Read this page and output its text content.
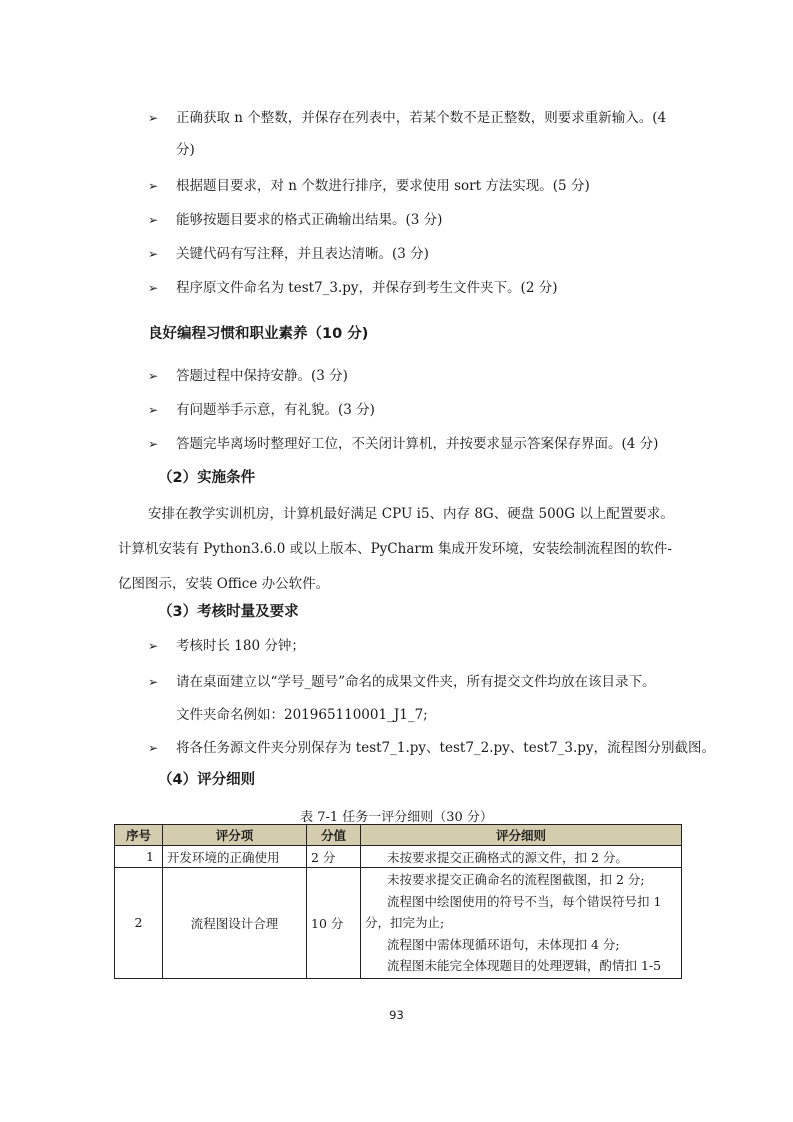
➢ 正确获取 n 个整数，并保存在列表中，若某个数不是正整数，则要求重新输入。(4
分)
➢ 根据题目要求，对 n 个数进行排序，要求使用 sort 方法实现。(5 分)
➢ 能够按题目要求的格式正确输出结果。(3 分)
➢ 关键代码有写注释，并且表达清晰。(3 分)
➢ 程序原文件命名为 test7_3.py，并保存到考生文件夹下。(2 分)
良好编程习惯和职业素养（10 分)
➢ 答题过程中保持安静。(3 分)
➢ 有问题举手示意，有礼貌。(3 分)
➢ 答题完毕离场时整理好工位，不关闭计算机，并按要求显示答案保存界面。(4 分)
（2）实施条件
安排在教学实训机房，计算机最好满足 CPU i5、内存 8G、硬盘 500G 以上配置要求。
计算机安装有 Python3.6.0 或以上版本、PyCharm 集成开发环境，安装绘制流程图的软件-
亿图图示，安装 Office 办公软件。
（3）考核时量及要求
➢ 考核时长 180 分钟；
➢ 请在桌面建立以“学号_题号”命名的成果文件夹，所有提交文件均放在该目录下。
文件夹命名例如：201965110001_J1_7;
➢ 将各任务源文件夹分别保存为 test7_1.py、test7_2.py、test7_3.py，流程图分别截图。
（4）评分细则
表 7-1 任务一评分细则（30 分）
序号	评分项	分值	评分细则
1	开发环境的正确使用	2 分	未按要求提交正确格式的源文件，扣 2 分。
2	流程图设计合理	10 分	未按要求提交正确命名的流程图截图，扣 2 分;
流程图中绘图使用的符号不当，每个错误符号扣 1
分，扣完为止;
流程图中需体现循环语句，未体现扣 4 分;
流程图未能完全体现题目的处理逻辑，酌情扣 1-5
93
